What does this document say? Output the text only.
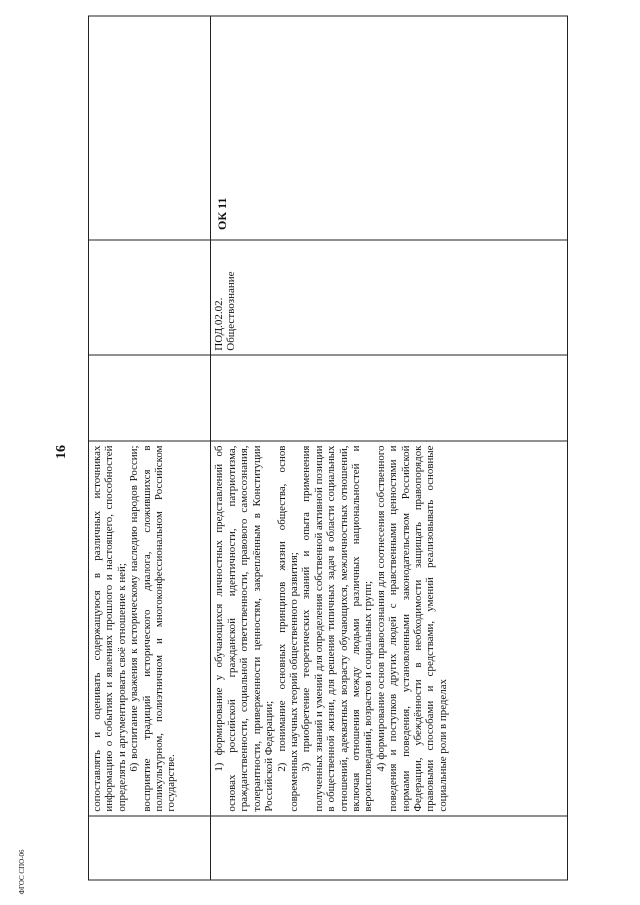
16
ФГОС СПО-06

сопоставлять и оценивать содержащуюся в различных источниках информацию о событиях и явлениях прошлого и настоящего, способностей определять и аргументировать своё отношение к ней; 6) воспитание уважения к историческому наследию народов России; восприятие традиций исторического диалога, сложившихся в поликультурном, полиэтничном и многоконфессиональном Российском государстве.

1) формирование у обучающихся личностных представлений об основах российской гражданской идентичности, патриотизма, гражданственности, социальной ответственности, правового самосознания, толерантности, приверженности ценностям, закреплённым в Конституции Российской Федерации; 2) понимание основных принципов жизни общества, основ современных научных теорий общественного развития; 3) приобретение теоретических знаний и опыта применения полученных знаний и умений для определения собственной активной позиции в общественной жизни, для решения типичных задач в области социальных отношений, адекватных возрасту обучающихся, межличностных отношений, включая отношения между людьми различных национальностей и вероисповеданий, возрастов и социальных групп; 4) формирование основ правосознания для соотнесения собственного поведения и поступков других людей с нравственными ценностями и нормами поведения, установленными законодательством Российской Федерации, убеждённости в необходимости защищать правопорядок правовыми способами и средствами, умений реализовывать основные социальные роли в пределах

ПОД.02.02. Обществознание
ОК 11
